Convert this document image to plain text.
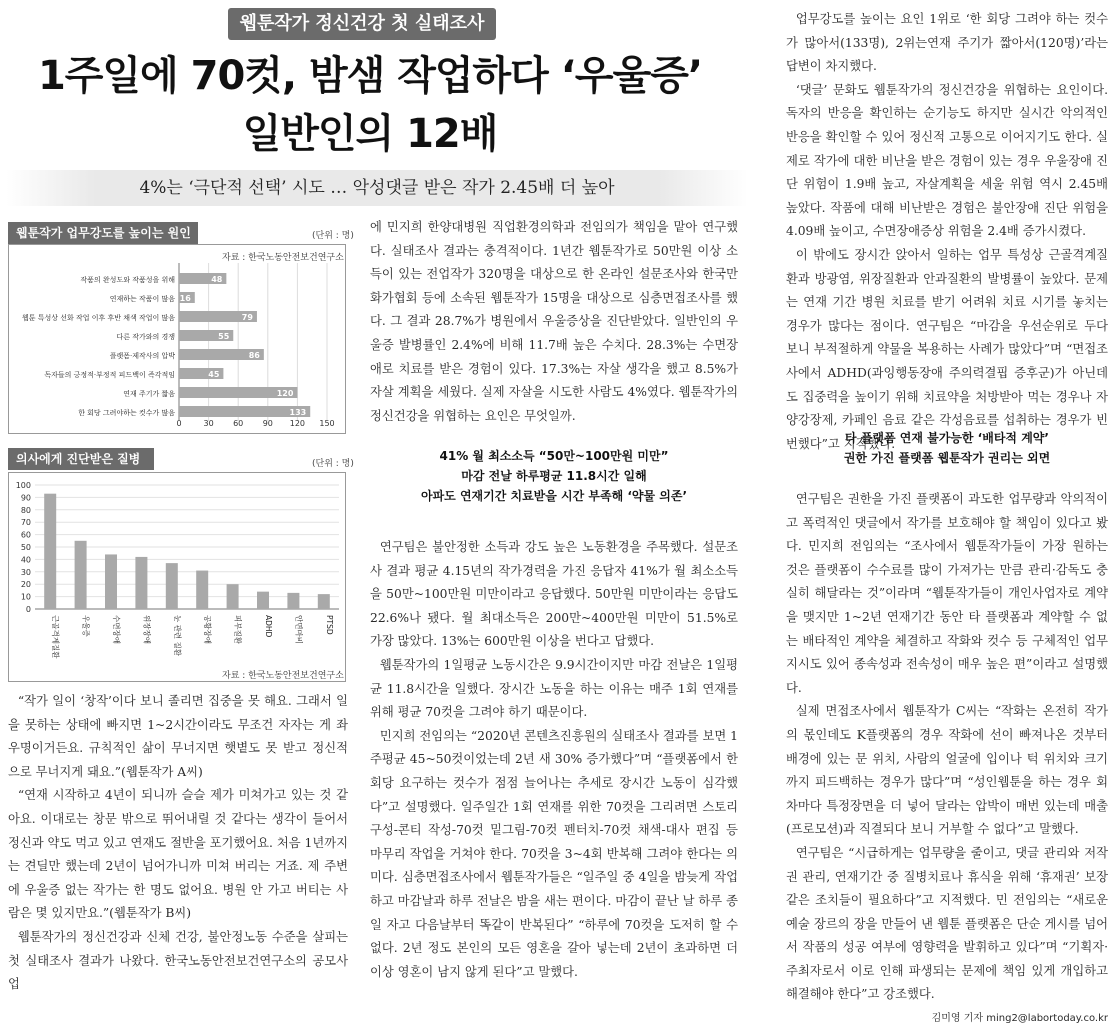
웹툰작가 정신건강 첫 실태조사
1주일에 70컷, 밤샘 작업하다 ‘우울증’
일반인의 12배
4%는 ‘극단적 선택’ 시도 … 악성댓글 받은 작가 2.45배 더 높아
웹툰작가 업무강도를 높이는 원인	(단위 : 명)
0	30 60 90 120 150
작품의 완성도와 작품성을 위해	48
연재하는 작품이 많음 16
웹툰 특성상 선화 작업 이후 후반 채색 작업이 많음	79
다른 작가와의 경쟁	55
플랫폼·제작사의 압박	86
독자들의 긍정적·부정적 피드백이 즉각적임	45
연재 주기가 짧음	120
한 회당 그려야하는 컷수가 많음	133
자료 : 한국노동안전보건연구소
의사에게 진단받은 질병	(단위 : 명)
0
10
20
30
40
50
60
70
80
90
100
근골격계질환	우울증	수면장애	위장장애	눈 관련 질환	공황장애	피부질환	ADHD	안면마비	PTSD
자료 : 한국노동안전보건연구소

“작가 일이 ‘창작’이다 보니 졸리면 집중을 못 해요. 그래서 일을 못하는 상태에 빠지면 1~2시간이라도 무조건 자자는 게 좌우명이거든요. 규칙적인 삶이 무너지면 햇볕도 못 받고 정신적으로 무너지게 돼요.”(웹툰작가 A씨)

“연재 시작하고 4년이 되니까 슬슬 제가 미쳐가고 있는 것 같아요. 이대로는 창문 밖으로 뛰어내릴 것 같다는 생각이 들어서 정신과 약도 먹고 있고 연재도 절반을 포기했어요. 처음 1년까지는 견딜만 했는데 2년이 넘어가니까 미쳐 버리는 거죠. 제 주변에 우울증 없는 작가는 한 명도 없어요. 병원 안 가고 버티는 사람은 몇 있지만요.”(웹툰작가 B씨)

웹툰작가의 정신건강과 신체 건강, 불안정노동 수준을 살피는 첫 실태조사 결과가 나왔다. 한국노동안전보건연구소의 공모사업

에 민지희 한양대병원 직업환경의학과 전임의가 책임을 맡아 연구했다. 실태조사 결과는 충격적이다. 1년간 웹툰작가로 50만원 이상 소득이 있는 전업작가 320명을 대상으로 한 온라인 설문조사와 한국만화가협회 등에 소속된 웹툰작가 15명을 대상으로 심층면접조사를 했다. 그 결과 28.7%가 병원에서 우울증상을 진단받았다. 일반인의 우울증 발병률인 2.4%에 비해 11.7배 높은 수치다. 28.3%는 수면장애로 치료를 받은 경험이 있다. 17.3%는 자살 생각을 했고 8.5%가 자살 계획을 세웠다. 실제 자살을 시도한 사람도 4%였다. 웹툰작가의 정신건강을 위협하는 요인은 무엇일까.

41% 월 최소소득 “50만~100만원 미만”
마감 전날 하루평균 11.8시간 일해
아파도 연재기간 치료받을 시간 부족해 ‘약물 의존’

연구팀은 불안정한 소득과 강도 높은 노동환경을 주목했다. 설문조사 결과 평균 4.15년의 작가경력을 가진 응답자 41%가 월 최소소득을 50만~100만원 미만이라고 응답했다. 50만원 미만이라는 응답도 22.6%나 됐다. 월 최대소득은 200만~400만원 미만이 51.5%로 가장 많았다. 13%는 600만원 이상을 번다고 답했다.

웹툰작가의 1일평균 노동시간은 9.9시간이지만 마감 전날은 1일평균 11.8시간을 일했다. 장시간 노동을 하는 이유는 매주 1회 연재를 위해 평균 70컷을 그려야 하기 때문이다.

민지희 전임의는 “2020년 콘텐츠진흥원의 실태조사 결과를 보면 1주평균 45~50컷이었는데 2년 새 30% 증가했다”며 “플랫폼에서 한 회당 요구하는 컷수가 점점 늘어나는 추세로 장시간 노동이 심각했다”고 설명했다. 일주일간 1회 연재를 위한 70컷을 그리려면 스토리 구성-콘티 작성-70컷 밑그림-70컷 펜터치-70컷 채색-대사 편집 등 마무리 작업을 거쳐야 한다. 70컷을 3~4회 반복해 그려야 한다는 의미다. 심층면접조사에서 웹툰작가들은 “일주일 중 4일을 밤늦게 작업하고 마감날과 하루 전날은 밤을 새는 편이다. 마감이 끝난 날 하루 종일 자고 다음날부터 똑같이 반복된다” “하루에 70컷을 도저히 할 수 없다. 2년 정도 본인의 모든 영혼을 갈아 넣는데 2년이 초과하면 더 이상 영혼이 남지 않게 된다”고 말했다.

업무강도를 높이는 요인 1위로 ‘한 회당 그려야 하는 컷수가 많아서(133명), 2위는연재 주기가 짧아서(120명)’라는 답변이 차지했다.

‘댓글’ 문화도 웹툰작가의 정신건강을 위협하는 요인이다. 독자의 반응을 확인하는 순기능도 하지만 실시간 악의적인 반응을 확인할 수 있어 정신적 고통으로 이어지기도 한다. 실제로 작가에 대한 비난을 받은 경험이 있는 경우 우울장애 진단 위험이 1.9배 높고, 자살계획을 세울 위험 역시 2.45배 높았다. 작품에 대해 비난받은 경험은 불안장애 진단 위험을 4.09배 높이고, 수면장애증상 위험을 2.4배 증가시켰다.

이 밖에도 장시간 앉아서 일하는 업무 특성상 근골격계질환과 방광염, 위장질환과 안과질환의 발병률이 높았다. 문제는 연재 기간 병원 치료를 받기 어려워 치료 시기를 놓치는 경우가 많다는 점이다. 연구팀은 “마감을 우선순위로 두다 보니 부적절하게 약물을 복용하는 사례가 많았다”며 “면접조사에서 ADHD(과잉행동장애 주의력결핍 증후군)가 아닌데도 집중력을 높이기 위해 치료약을 처방받아 먹는 경우나 자양강장제, 카페인 음료 같은 각성음료를 섭취하는 경우가 빈번했다”고 지적했다.

타 플랫폼 연재 불가능한 ‘배타적 계약’
권한 가진 플랫폼 웹툰작가 권리는 외면

연구팀은 권한을 가진 플랫폼이 과도한 업무량과 악의적이고 폭력적인 댓글에서 작가를 보호해야 할 책임이 있다고 봤다. 민지희 전임의는 “조사에서 웹툰작가들이 가장 원하는 것은 플랫폼이 수수료를 많이 가져가는 만큼 관리·감독도 충실히 해달라는 것”이라며 “웹툰작가들이 개인사업자로 계약을 맺지만 1~2년 연재기간 동안 타 플랫폼과 계약할 수 없는 배타적인 계약을 체결하고 작화와 컷수 등 구체적인 업무지시도 있어 종속성과 전속성이 매우 높은 편”이라고 설명했다.

실제 면접조사에서 웹툰작가 C씨는 “작화는 온전히 작가의 몫인데도 K플랫폼의 경우 작화에 선이 빠져나온 것부터 배경에 있는 문 위치, 사람의 얼굴에 입이나 턱 위치와 크기까지 피드백하는 경우가 많다”며 “성인웹툰을 하는 경우 회차마다 특정장면을 더 넣어 달라는 압박이 매번 있는데 매출(프로모션)과 직결되다 보니 거부할 수 없다”고 말했다.

연구팀은 “시급하게는 업무량을 줄이고, 댓글 관리와 저작권 관리, 연재기간 중 질병치료나 휴식을 위해 ‘휴재권’ 보장 같은 조치들이 필요하다”고 지적했다. 민 전임의는 “새로운 예술 장르의 장을 만들어 낸 웹툰 플랫폼은 단순 게시를 넘어서 작품의 성공 여부에 영향력을 발휘하고 있다”며 “기획자·주최자로서 이로 인해 파생되는 문제에 책임 있게 개입하고 해결해야 한다”고 강조했다.

김미영 기자 ming2@labortoday.co.kr
